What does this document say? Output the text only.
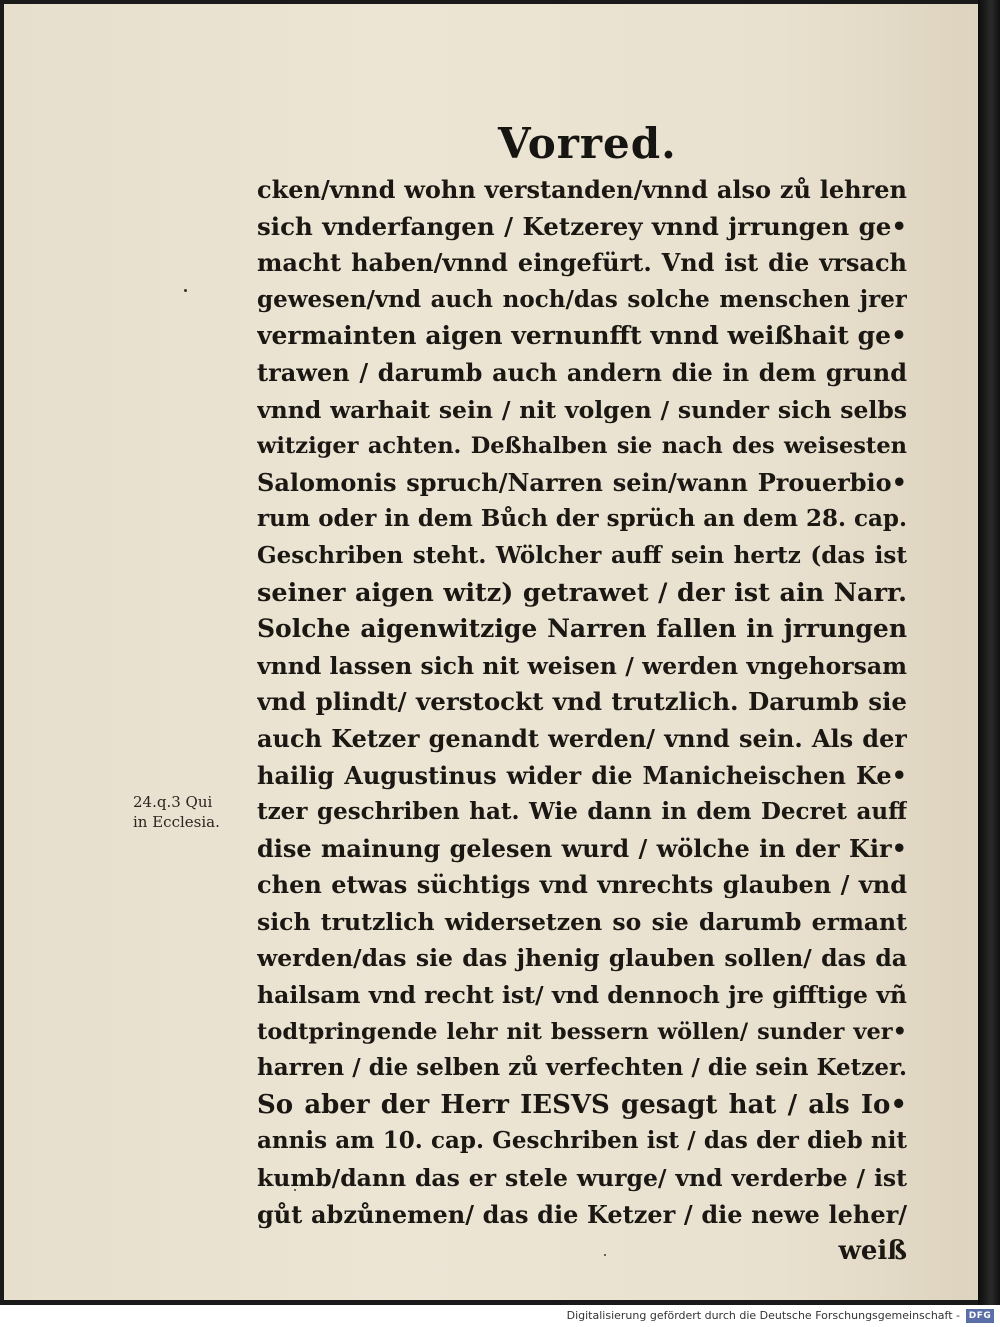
Vorred.
cken/vnnd wohn verstanden/vnnd also zů lehren
sich vnderfangen / Ketzerey vnnd jrrungen ge•
macht haben/vnnd eingefürt. Vnd ist die vrsach
gewesen/vnd auch noch/das solche menschen jrer
vermainten aigen vernunfft vnnd weißhait ge•
trawen / darumb auch andern die in dem grund
vnnd warhait sein / nit volgen / sunder sich selbs
witziger achten. Deßhalben sie nach des weisesten
Salomonis spruch/Narren sein/wann Prouerbio•
rum oder in dem Bůch der sprüch an dem 28. cap.
Geschriben steht. Wölcher auff sein hertz (das ist
seiner aigen witz) getrawet / der ist ain Narr.
Solche aigenwitzige Narren fallen in jrrungen
vnnd lassen sich nit weisen / werden vngehorsam
vnd plindt/ verstockt vnd trutzlich. Darumb sie
auch Ketzer genandt werden/ vnnd sein. Als der
hailig Augustinus wider die Manicheischen Ke•
tzer geschriben hat. Wie dann in dem Decret auff
dise mainung gelesen wurd / wölche in der Kir•
chen etwas süchtigs vnd vnrechts glauben / vnd
sich trutzlich widersetzen so sie darumb ermant
werden/das sie das jhenig glauben sollen/ das da
hailsam vnd recht ist/ vnd dennoch jre gifftige vñ
todtpringende lehr nit bessern wöllen/ sunder ver•
harren / die selben zů verfechten / die sein Ketzer.
So aber der Herr IESVS gesagt hat / als Io•
annis am 10. cap. Geschriben ist / das der dieb nit
kumb/dann das er stele wurge/ vnd verderbe / ist
gůt abzůnemen/ das die Ketzer / die newe leher/
weiß
24.q.3 Qui
in Ecclesia.
Digitalisierung gefördert durch die Deutsche Forschungsgemeinschaft - DFG
